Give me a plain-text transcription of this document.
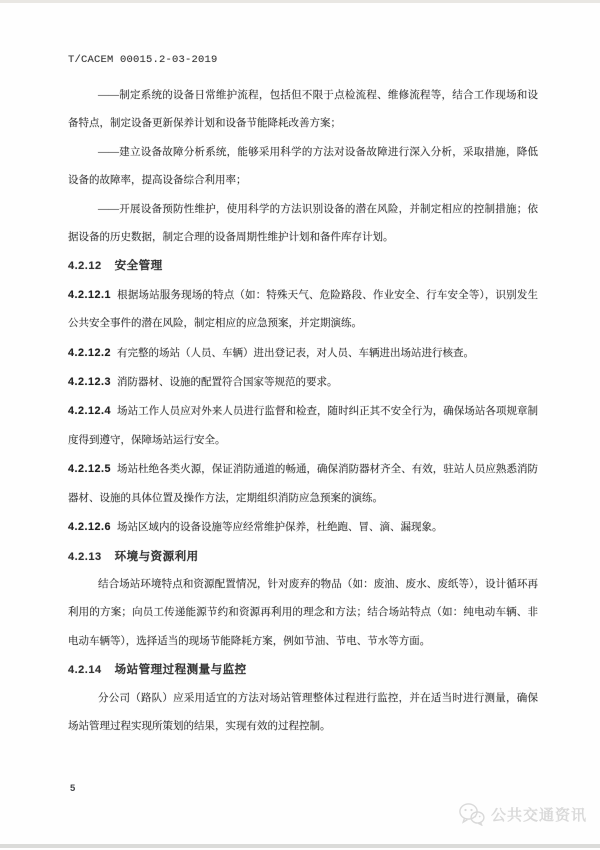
T/CACEM 00015.2-03-2019

——制定系统的设备日常维护流程，包括但不限于点检流程、维修流程等，结合工作现场和设备特点，制定设备更新保养计划和设备节能降耗改善方案；

——建立设备故障分析系统，能够采用科学的方法对设备故障进行深入分析，采取措施，降低设备的故障率，提高设备综合利用率；

——开展设备预防性维护，使用科学的方法识别设备的潜在风险，并制定相应的控制措施；依据设备的历史数据，制定合理的设备周期性维护计划和备件库存计划。

4.2.12 安全管理

4.2.12.1 根据场站服务现场的特点（如：特殊天气、危险路段、作业安全、行车安全等），识别发生公共安全事件的潜在风险，制定相应的应急预案，并定期演练。

4.2.12.2 有完整的场站（人员、车辆）进出登记表，对人员、车辆进出场站进行核查。

4.2.12.3 消防器材、设施的配置符合国家等规范的要求。

4.2.12.4 场站工作人员应对外来人员进行监督和检查，随时纠正其不安全行为，确保场站各项规章制度得到遵守，保障场站运行安全。

4.2.12.5 场站杜绝各类火源，保证消防通道的畅通，确保消防器材齐全、有效，驻站人员应熟悉消防器材、设施的具体位置及操作方法，定期组织消防应急预案的演练。

4.2.12.6 场站区域内的设备设施等应经常维护保养，杜绝跑、冒、滴、漏现象。

4.2.13 环境与资源利用

结合场站环境特点和资源配置情况，针对废弃的物品（如：废油、废水、废纸等），设计循环再利用的方案；向员工传递能源节约和资源再利用的理念和方法；结合场站特点（如：纯电动车辆、非电动车辆等），选择适当的现场节能降耗方案，例如节油、节电、节水等方面。

4.2.14 场站管理过程测量与监控

分公司（路队）应采用适宜的方法对场站管理整体过程进行监控，并在适当时进行测量，确保场站管理过程实现所策划的结果，实现有效的过程控制。

5
公共交通资讯
